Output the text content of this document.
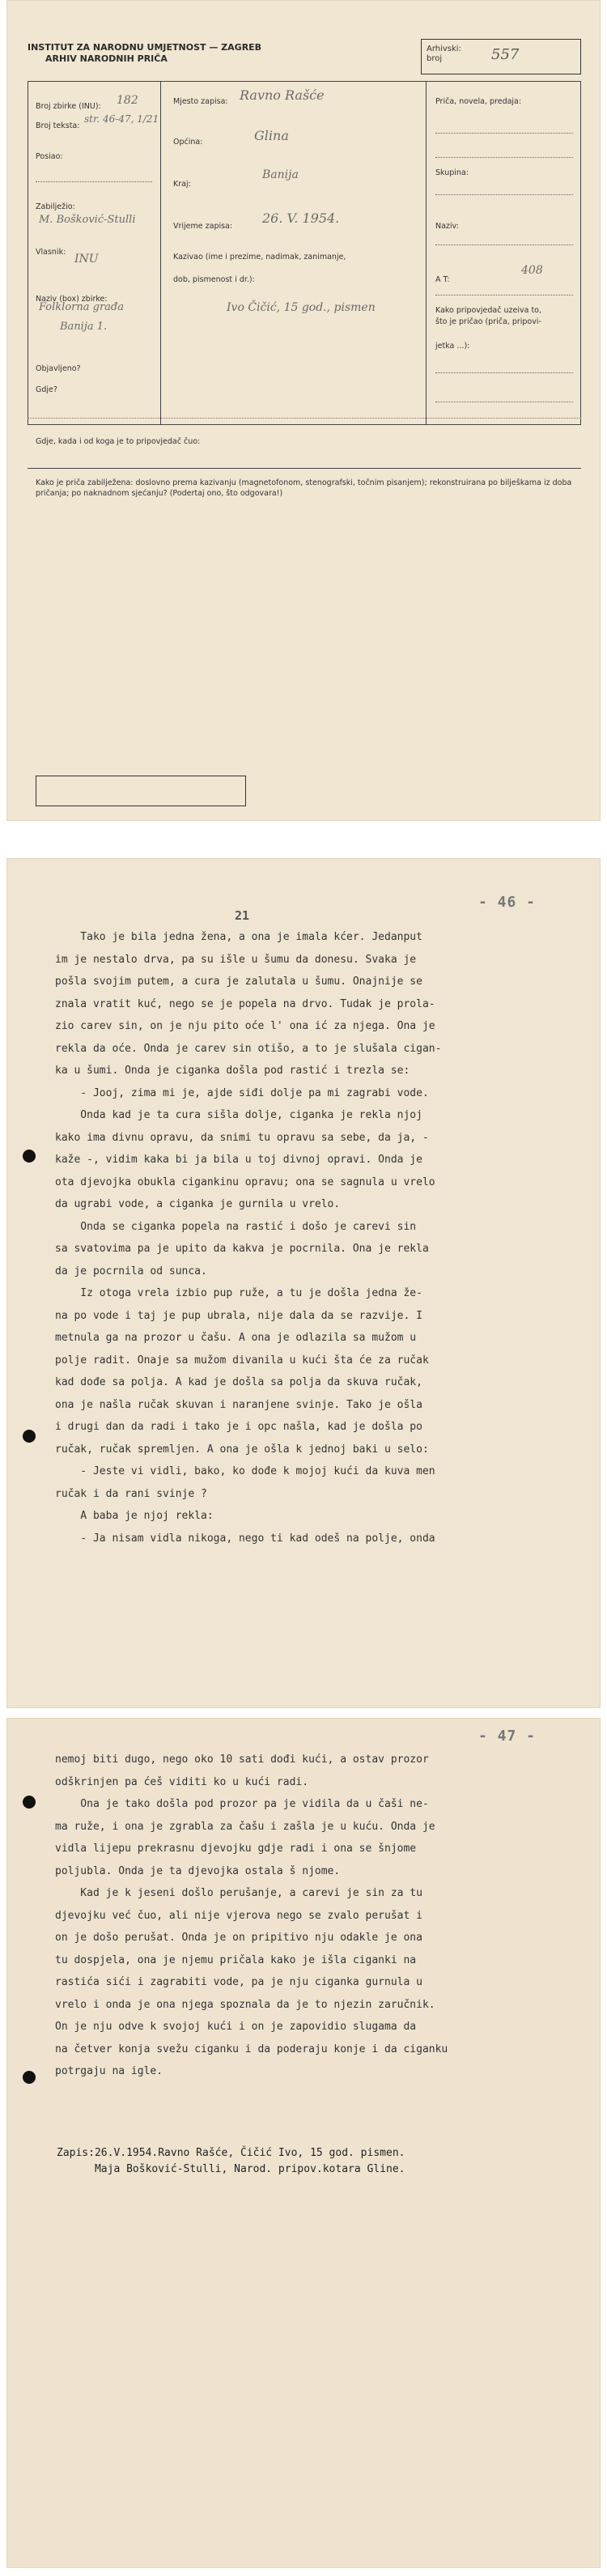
INSTITUT ZA NARODNU UMJETNOST — ZAGREB
ARHIV NARODNIH PRIČA
Arhivski:
broj	557
Broj zbirke (INU): 182
Broj teksta:
str. 46-47, 1/21
Posiao:
Zabilježio:
M. Bošković-Stulli
Vlasnik:
INU
Naziv (box) zbirke:
Folklorna građa
Banija 1.
Objavljeno?
Gdje?
Mjesto zapisa: Ravno Rašće
Općina:	Glina
Kraj:
Banija
Vrijeme zapisa:
26. V. 1954.
Kazivao (ime i prezime, nadimak, zanimanje,
dob, pismenost i dr.):
Ivo Čičić, 15 god., pismen
Priča, novela, predaja:
Skupina:
Naziv:
A T:
408
Kako pripovjedač uzeiva to,
što je pričao (priča, pripovi-
jetka ...):
Gdje, kada i od koga je to pripovjedač čuo:
Kako je priča zabilježena: doslovno prema kazivanju (magnetofonom, stenografski, točnim pisanjem); rekonstruirana po bilješkama iz doba pričanja; po naknadnom sjećanju? (Podertaj ono, što odgovara!)
- 46 -
21
Tako je bila jedna žena, a ona je imala kćer. Jedanput
im je nestalo drva, pa su išle u šumu da donesu. Svaka je
pošla svojim putem, a cura je zalutala u šumu. Onajnije se
znala vratit kuć, nego se je popela na drvo. Tudak je prola-
zio carev sin, on je nju pito oće l' ona ić za njega. Ona je
rekla da oće. Onda je carev sin otišo, a to je slušala cigan-
ka u šumi. Onda je ciganka došla pod rastić i trezla se:
- Jooj, zima mi je, ajde siđi dolje pa mi zagrabi vode.
Onda kad je ta cura sišla dolje, ciganka je rekla njoj
kako ima divnu opravu, da snimi tu opravu sa sebe, da ja, -
kaže -, vidim kaka bi ja bila u toj divnoj opravi. Onda je
ota djevojka obukla cigankinu opravu; ona se sagnula u vrelo
da ugrabi vode, a ciganka je gurnila u vrelo.
Onda se ciganka popela na rastić i došo je carevi sin
sa svatovima pa je upito da kakva je pocrnila. Ona je rekla
da je pocrnila od sunca.
Iz otoga vrela izbio pup ruže, a tu je došla jedna že-
na po vode i taj je pup ubrala, nije dala da se razvije. I
metnula ga na prozor u čašu. A ona je odlazila sa mužom u
polje radit. Onaje sa mužom divanila u kući šta će za ručak
kad dođe sa polja. A kad je došla sa polja da skuva ručak,
ona je našla ručak skuvan i naranjene svinje. Tako je ošla
i drugi dan da radi i tako je i opc našla, kad je došla po
ručak, ručak spremljen. A ona je ošla k jednoj baki u selo:
- Jeste vi vidli, bako, ko dođe k mojoj kući da kuva men
ručak i da rani svinje ?
A baba je njoj rekla:
- Ja nisam vidla nikoga, nego ti kad odeš na polje, onda
- 47 -
nemoj biti dugo, nego oko 10 sati dođi kući, a ostav prozor
odškrinjen pa ćeš viditi ko u kući radi.
Ona je tako došla pod prozor pa je vidila da u čaši ne-
ma ruže, i ona je zgrabla za čašu i zašla je u kuću. Onda je
vidla lijepu prekrasnu djevojku gdje radi i ona se šnjome
poljubla. Onda je ta djevojka ostala š njome.
Kad je k jeseni došlo perušanje, a carevi je sin za tu
djevojku već čuo, ali nije vjerova nego se zvalo perušat i
on je došo perušat. Onda je on pripitivo nju odakle je ona
tu dospjela, ona je njemu pričala kako je išla ciganki na
rastića sići i zagrabiti vode, pa je nju ciganka gurnula u
vrelo i onda je ona njega spoznala da je to njezin zaručnik.
On je nju odve k svojoj kući i on je zapovidio slugama da
na četver konja svežu ciganku i da poderaju konje i da ciganku
potrgaju na igle.
Zapis:26.V.1954.Ravno Rašće, Čičić Ivo, 15 god. pismen.
Maja Bošković-Stulli, Narod. pripov.kotara Gline.
